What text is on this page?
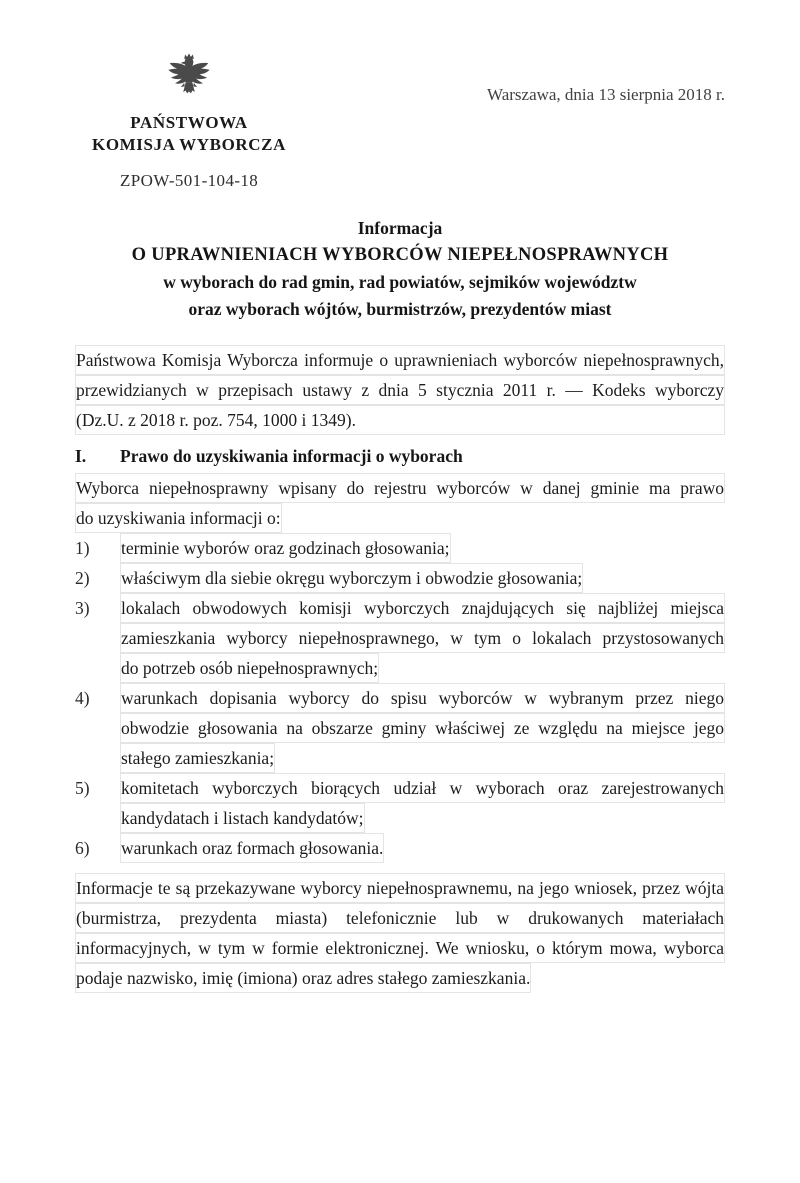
PAŃSTWOWA
KOMISJA WYBORCZA
ZPOW-501-104-18
Warszawa, dnia 13 sierpnia 2018 r.
Informacja
O UPRAWNIENIACH WYBORCÓW NIEPEŁNOSPRAWNYCH
w wyborach do rad gmin, rad powiatów, sejmików województw
oraz wyborach wójtów, burmistrzów, prezydentów miast
Państwowa Komisja Wyborcza informuje o uprawnieniach wyborców niepełnosprawnych,
przewidzianych w przepisach ustawy z dnia 5 stycznia 2011 r. — Kodeks wyborczy
(Dz.U. z 2018 r. poz. 754, 1000 i 1349).
I.	Prawo do uzyskiwania informacji o wyborach
Wyborca niepełnosprawny wpisany do rejestru wyborców w danej gminie ma prawo
do uzyskiwania informacji o:
1)	terminie wyborów oraz godzinach głosowania;
2)	właściwym dla siebie okręgu wyborczym i obwodzie głosowania;
3)	lokalach obwodowych komisji wyborczych znajdujących się najbliżej miejsca
zamieszkania wyborcy niepełnosprawnego, w tym o lokalach przystosowanych
do potrzeb osób niepełnosprawnych;
4)	warunkach dopisania wyborcy do spisu wyborców w wybranym przez niego
obwodzie głosowania na obszarze gminy właściwej ze względu na miejsce jego
stałego zamieszkania;
5)	komitetach wyborczych biorących udział w wyborach oraz zarejestrowanych
kandydatach i listach kandydatów;
6)	warunkach oraz formach głosowania.
Informacje te są przekazywane wyborcy niepełnosprawnemu, na jego wniosek, przez wójta
(burmistrza, prezydenta miasta) telefonicznie lub w drukowanych materiałach
informacyjnych, w tym w formie elektronicznej. We wniosku, o którym mowa, wyborca
podaje nazwisko, imię (imiona) oraz adres stałego zamieszkania.
